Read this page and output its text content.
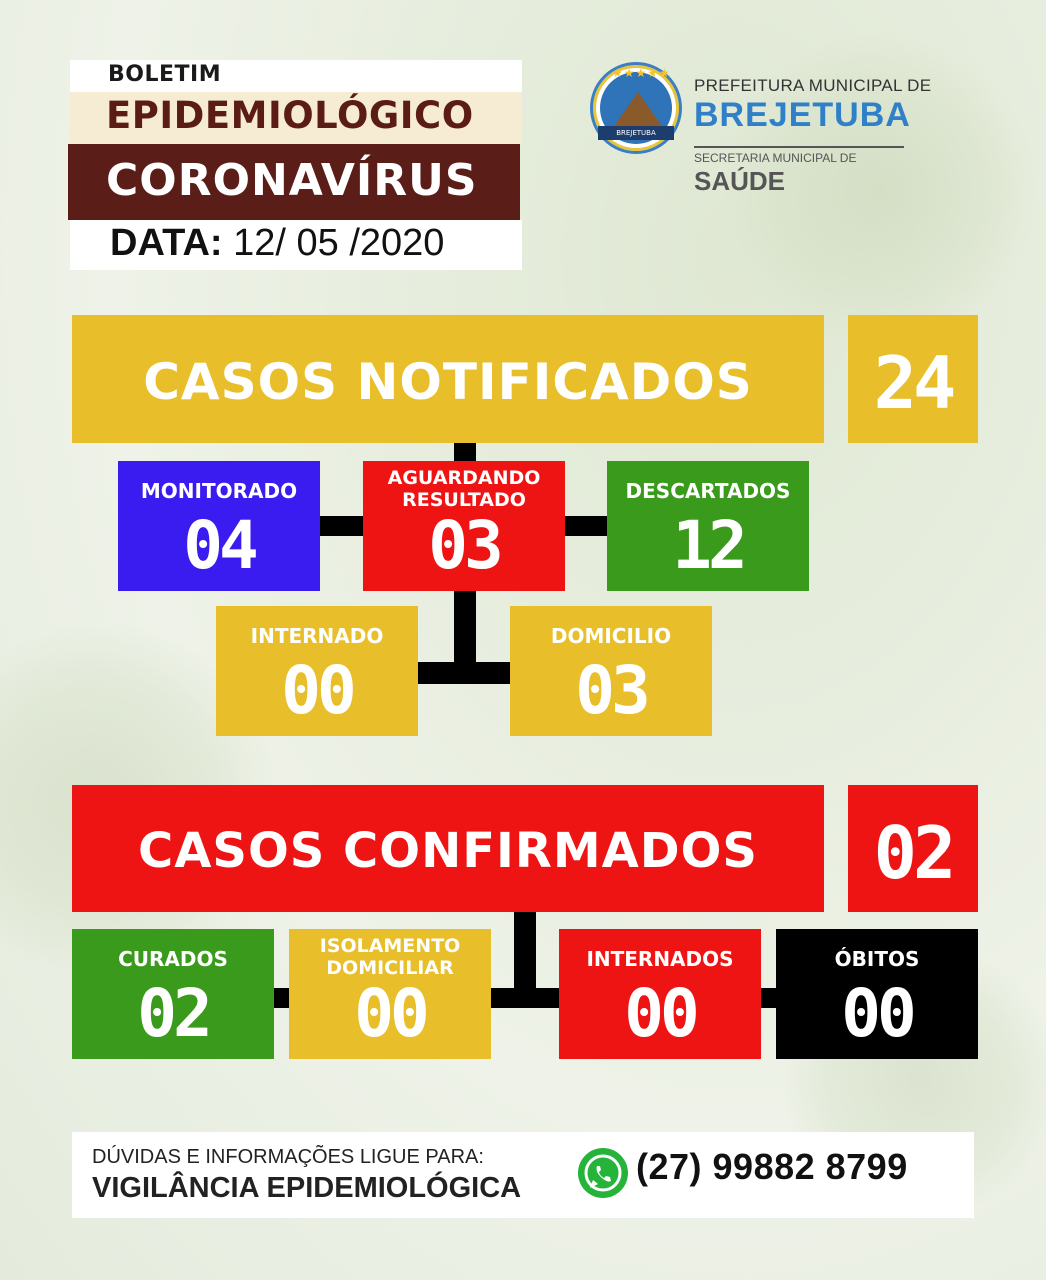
BOLETIM
EPIDEMIOLÓGICO
CORONAVÍRUS
DATA: 12/ 05 /2020
★★★★★
BREJETUBA
PREFEITURA MUNICIPAL DE
BREJETUBA
SECRETARIA MUNICIPAL DE
SAÚDE
CASOS NOTIFICADOS	24
MONITORADO
04
AGUARDANDO
RESULTADO
03
DESCARTADOS
12
INTERNADO
00
DOMICILIO
03
CASOS CONFIRMADOS	02
CURADOS
02
ISOLAMENTO
DOMICILIAR
00
INTERNADOS
00
ÓBITOS
00
DÚVIDAS E INFORMAÇÕES LIGUE PARA:
VIGILÂNCIA EPIDEMIOLÓGICA
(27) 99882 8799
